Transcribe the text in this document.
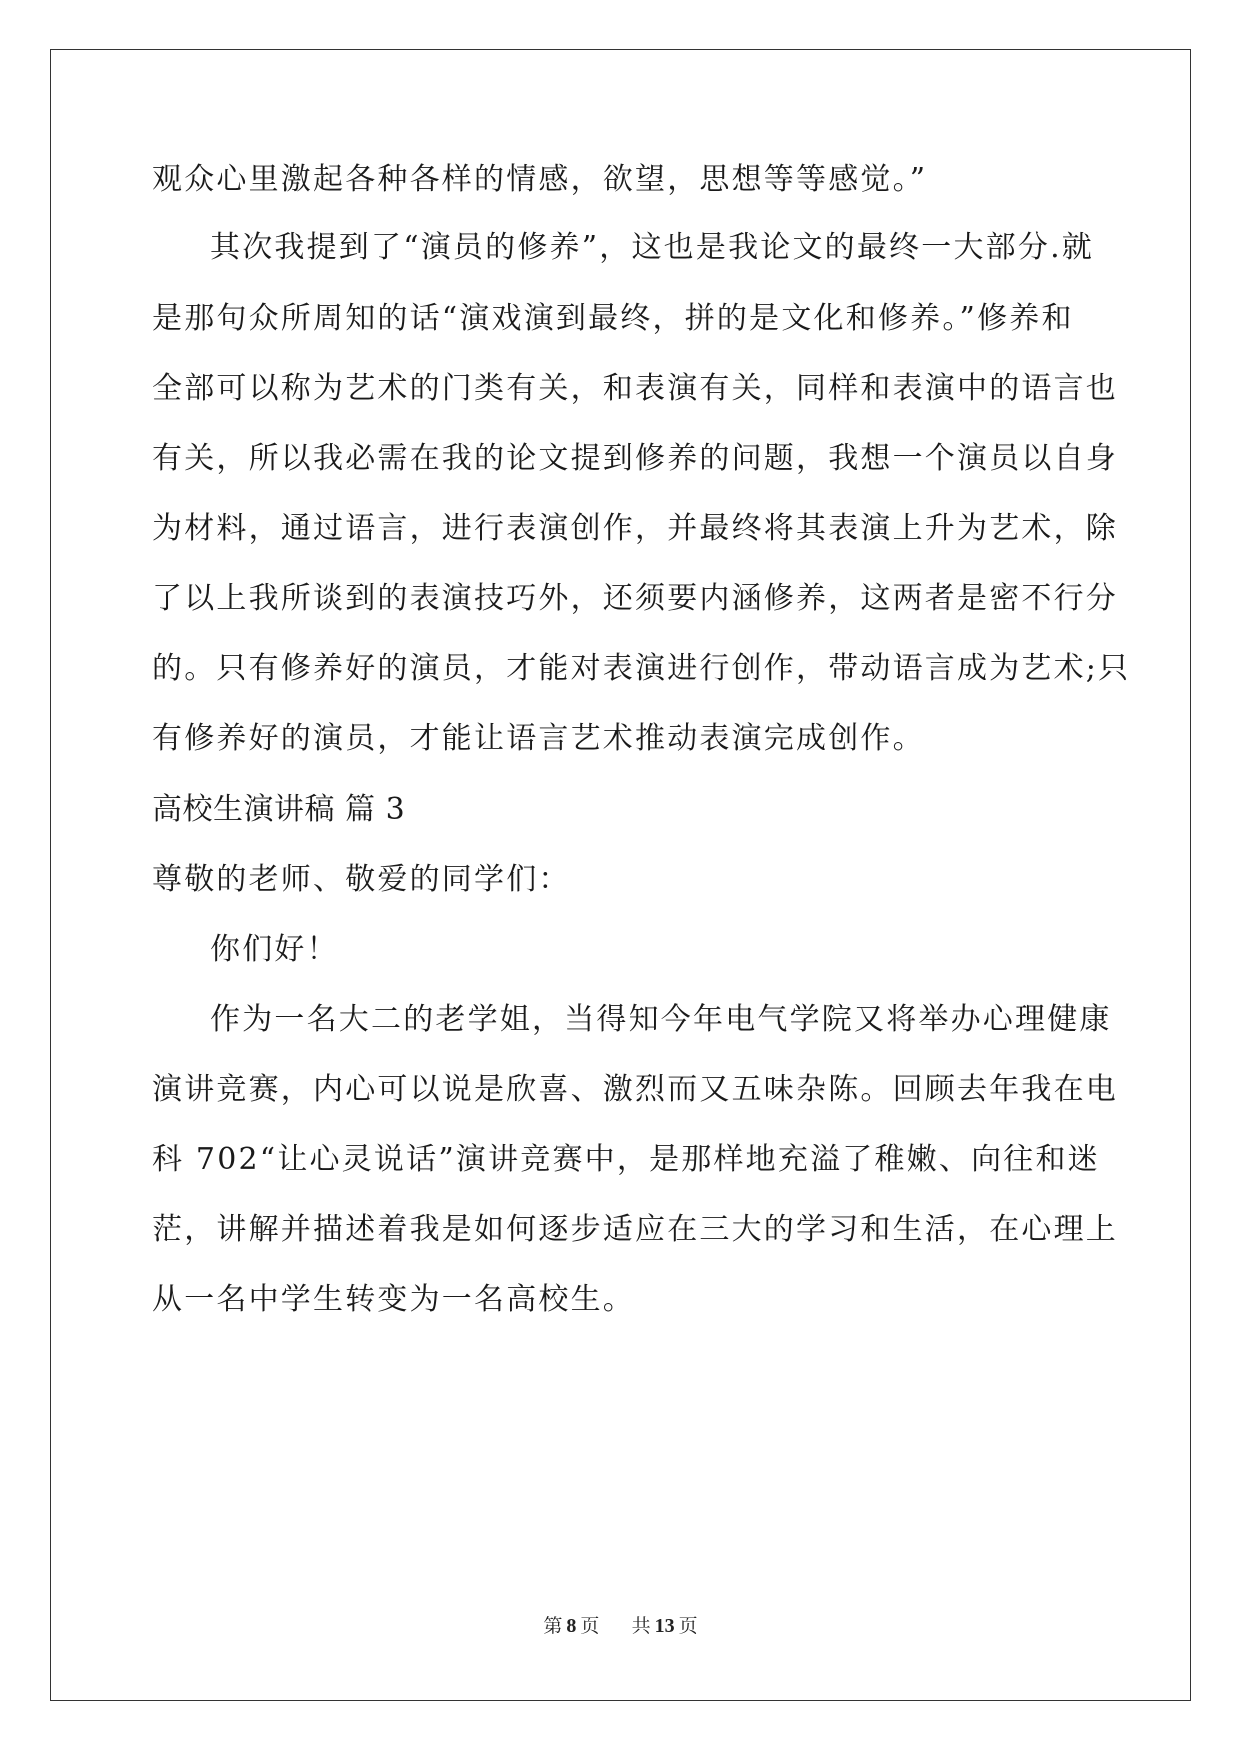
观众心里激起各种各样的情感，欲望，思想等等感觉。”
其次我提到了“演员的修养”，这也是我论文的最终一大部分.就
是那句众所周知的话“演戏演到最终，拼的是文化和修养。”修养和
全部可以称为艺术的门类有关，和表演有关，同样和表演中的语言也
有关，所以我必需在我的论文提到修养的问题，我想一个演员以自身
为材料，通过语言，进行表演创作，并最终将其表演上升为艺术，除
了以上我所谈到的表演技巧外，还须要内涵修养，这两者是密不行分
的。只有修养好的演员，才能对表演进行创作，带动语言成为艺术;只
有修养好的演员，才能让语言艺术推动表演完成创作。
高校生演讲稿 篇 3
尊敬的老师、敬爱的同学们：
你们好！
作为一名大二的老学姐，当得知今年电气学院又将举办心理健康
演讲竞赛，内心可以说是欣喜、激烈而又五味杂陈。回顾去年我在电
科 702“让心灵说话”演讲竞赛中，是那样地充溢了稚嫩、向往和迷
茫，讲解并描述着我是如何逐步适应在三大的学习和生活，在心理上
从一名中学生转变为一名高校生。
第 8 页 共 13 页
